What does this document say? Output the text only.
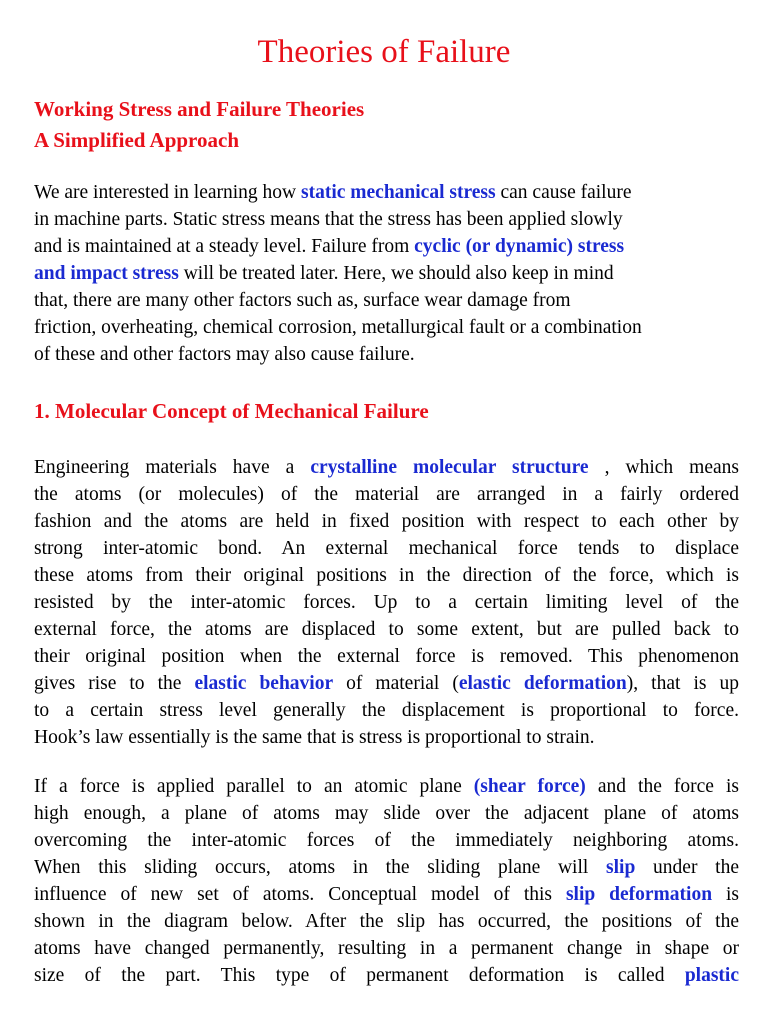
Theories of Failure
Working Stress and Failure Theories
A Simplified Approach
We are interested in learning how static mechanical stress can cause failure
in machine parts. Static stress means that the stress has been applied slowly
and is maintained at a steady level. Failure from cyclic (or dynamic) stress
and impact stress will be treated later. Here, we should also keep in mind
that, there are many other factors such as, surface wear damage from
friction, overheating, chemical corrosion, metallurgical fault or a combination
of these and other factors may also cause failure.
1. Molecular Concept of Mechanical Failure
Engineering materials have a crystalline molecular structure , which means
the atoms (or molecules) of the material are arranged in a fairly ordered
fashion and the atoms are held in fixed position with respect to each other by
strong inter-atomic bond. An external mechanical force tends to displace
these atoms from their original positions in the direction of the force, which is
resisted by the inter-atomic forces. Up to a certain limiting level of the
external force, the atoms are displaced to some extent, but are pulled back to
their original position when the external force is removed. This phenomenon
gives rise to the elastic behavior of material (elastic deformation), that is up
to a certain stress level generally the displacement is proportional to force.
Hook’s law essentially is the same that is stress is proportional to strain.
If a force is applied parallel to an atomic plane (shear force) and the force is
high enough, a plane of atoms may slide over the adjacent plane of atoms
overcoming the inter-atomic forces of the immediately neighboring atoms.
When this sliding occurs, atoms in the sliding plane will slip under the
influence of new set of atoms. Conceptual model of this slip deformation is
shown in the diagram below. After the slip has occurred, the positions of the
atoms have changed permanently, resulting in a permanent change in shape or
size of the part. This type of permanent deformation is called plastic
